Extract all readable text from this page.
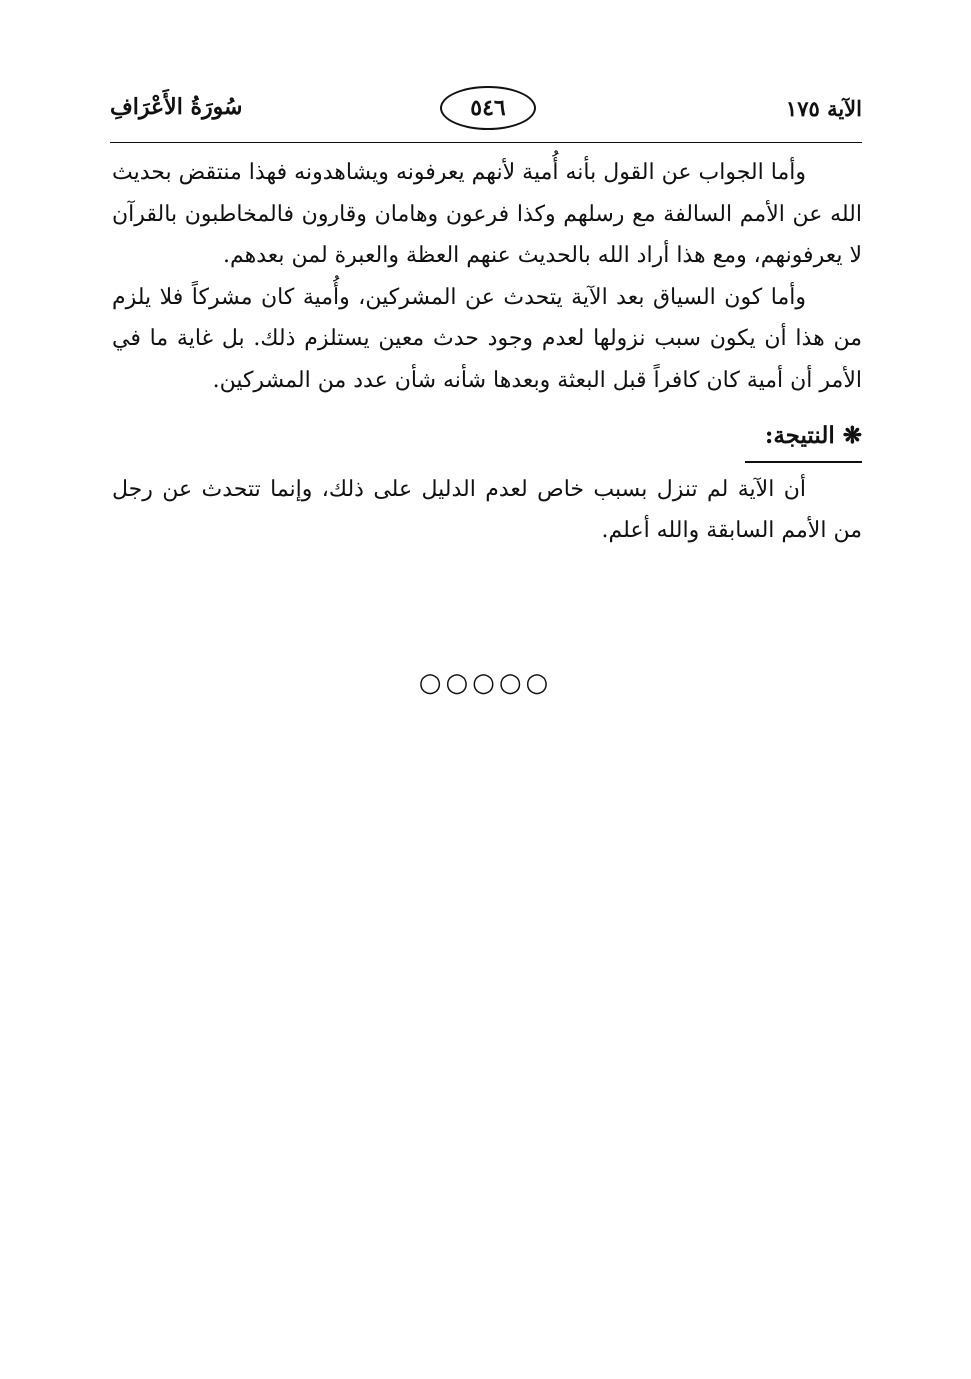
الآية ١٧٥
٥٤٦
سُورَةُ الأَعْرَافِ

وأما الجواب عن القول بأنه أُمية لأنهم يعرفونه ويشاهدونه فهذا منتقض بحديث الله عن الأمم السالفة مع رسلهم وكذا فرعون وهامان وقارون فالمخاطبون بالقرآن لا يعرفونهم، ومع هذا أراد الله بالحديث عنهم العظة والعبرة لمن بعدهم.

وأما كون السياق بعد الآية يتحدث عن المشركين، وأُمية كان مشركاً فلا يلزم من هذا أن يكون سبب نزولها لعدم وجود حدث معين يستلزم ذلك. بل غاية ما في الأمر أن أمية كان كافراً قبل البعثة وبعدها شأنه شأن عدد من المشركين.

❋النتيجة:

أن الآية لم تنزل بسبب خاص لعدم الدليل على ذلك، وإنما تتحدث عن رجل من الأمم السابقة والله أعلم.

○○○○○
